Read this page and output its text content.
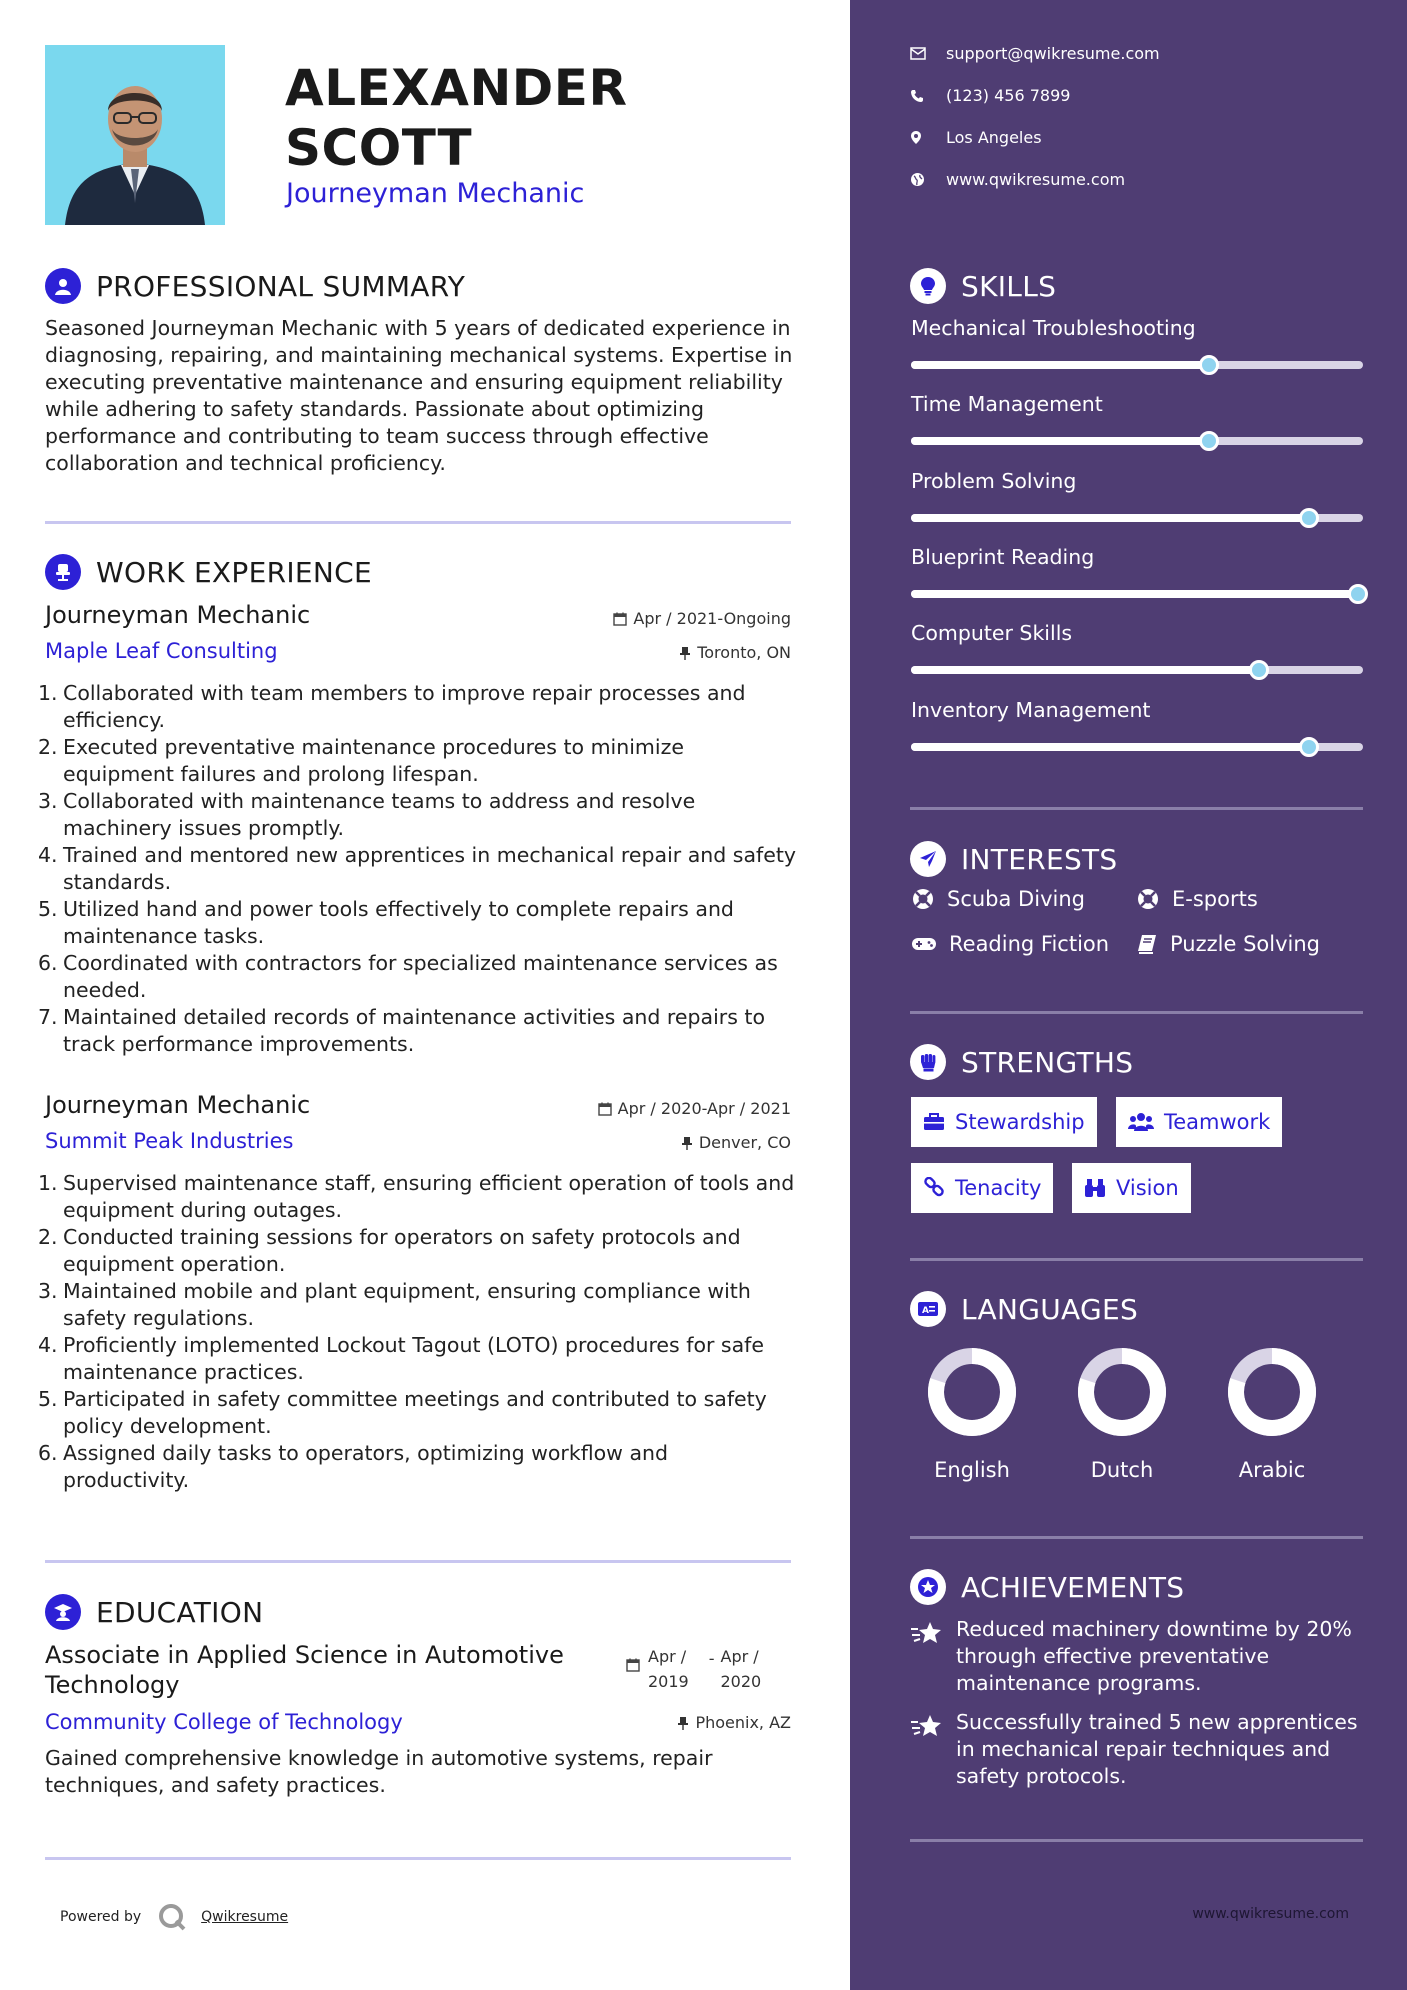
ALEXANDER
SCOTT
Journeyman Mechanic
PROFESSIONAL SUMMARY
Seasoned Journeyman Mechanic with 5 years of dedicated experience in diagnosing, repairing, and maintaining mechanical systems. Expertise in executing preventative maintenance and ensuring equipment reliability while adhering to safety standards. Passionate about optimizing performance and contributing to team success through effective collaboration and technical proficiency.
WORK EXPERIENCE
Journeyman Mechanic	Apr / 2021-Ongoing
Maple Leaf Consulting	Toronto, ON
1. Collaborated with team members to improve repair processes and efficiency.
2. Executed preventative maintenance procedures to minimize equipment failures and prolong lifespan.
3. Collaborated with maintenance teams to address and resolve machinery issues promptly.
4. Trained and mentored new apprentices in mechanical repair and safety standards.
5. Utilized hand and power tools effectively to complete repairs and maintenance tasks.
6. Coordinated with contractors for specialized maintenance services as needed.
7. Maintained detailed records of maintenance activities and repairs to track performance improvements.
Journeyman Mechanic	Apr / 2020-Apr / 2021
Summit Peak Industries	Denver, CO
1. Supervised maintenance staff, ensuring efficient operation of tools and equipment during outages.
2. Conducted training sessions for operators on safety protocols and equipment operation.
3. Maintained mobile and plant equipment, ensuring compliance with safety regulations.
4. Proficiently implemented Lockout Tagout (LOTO) procedures for safe maintenance practices.
5. Participated in safety committee meetings and contributed to safety policy development.
6. Assigned daily tasks to operators, optimizing workflow and productivity.
EDUCATION
Associate in Applied Science in Automotive
Technology
Apr /
2019
- Apr /
2020
Community College of Technology	Phoenix, AZ
Gained comprehensive knowledge in automotive systems, repair techniques, and safety practices.
Powered by	Qwikresume
support@qwikresume.com
(123) 456 7899
Los Angeles
www.qwikresume.com
SKILLS
Mechanical Troubleshooting
Time Management
Problem Solving
Blueprint Reading
Computer Skills
Inventory Management
INTERESTS
Scuba Diving	E-sports
Reading Fiction	Puzzle Solving
STRENGTHS
Stewardship	Teamwork
Tenacity	Vision
A LANGUAGES
English	Dutch	Arabic
ACHIEVEMENTS
Reduced machinery downtime by 20% through effective preventative maintenance programs.
Successfully trained 5 new apprentices in mechanical repair techniques and safety protocols.
www.qwikresume.com
